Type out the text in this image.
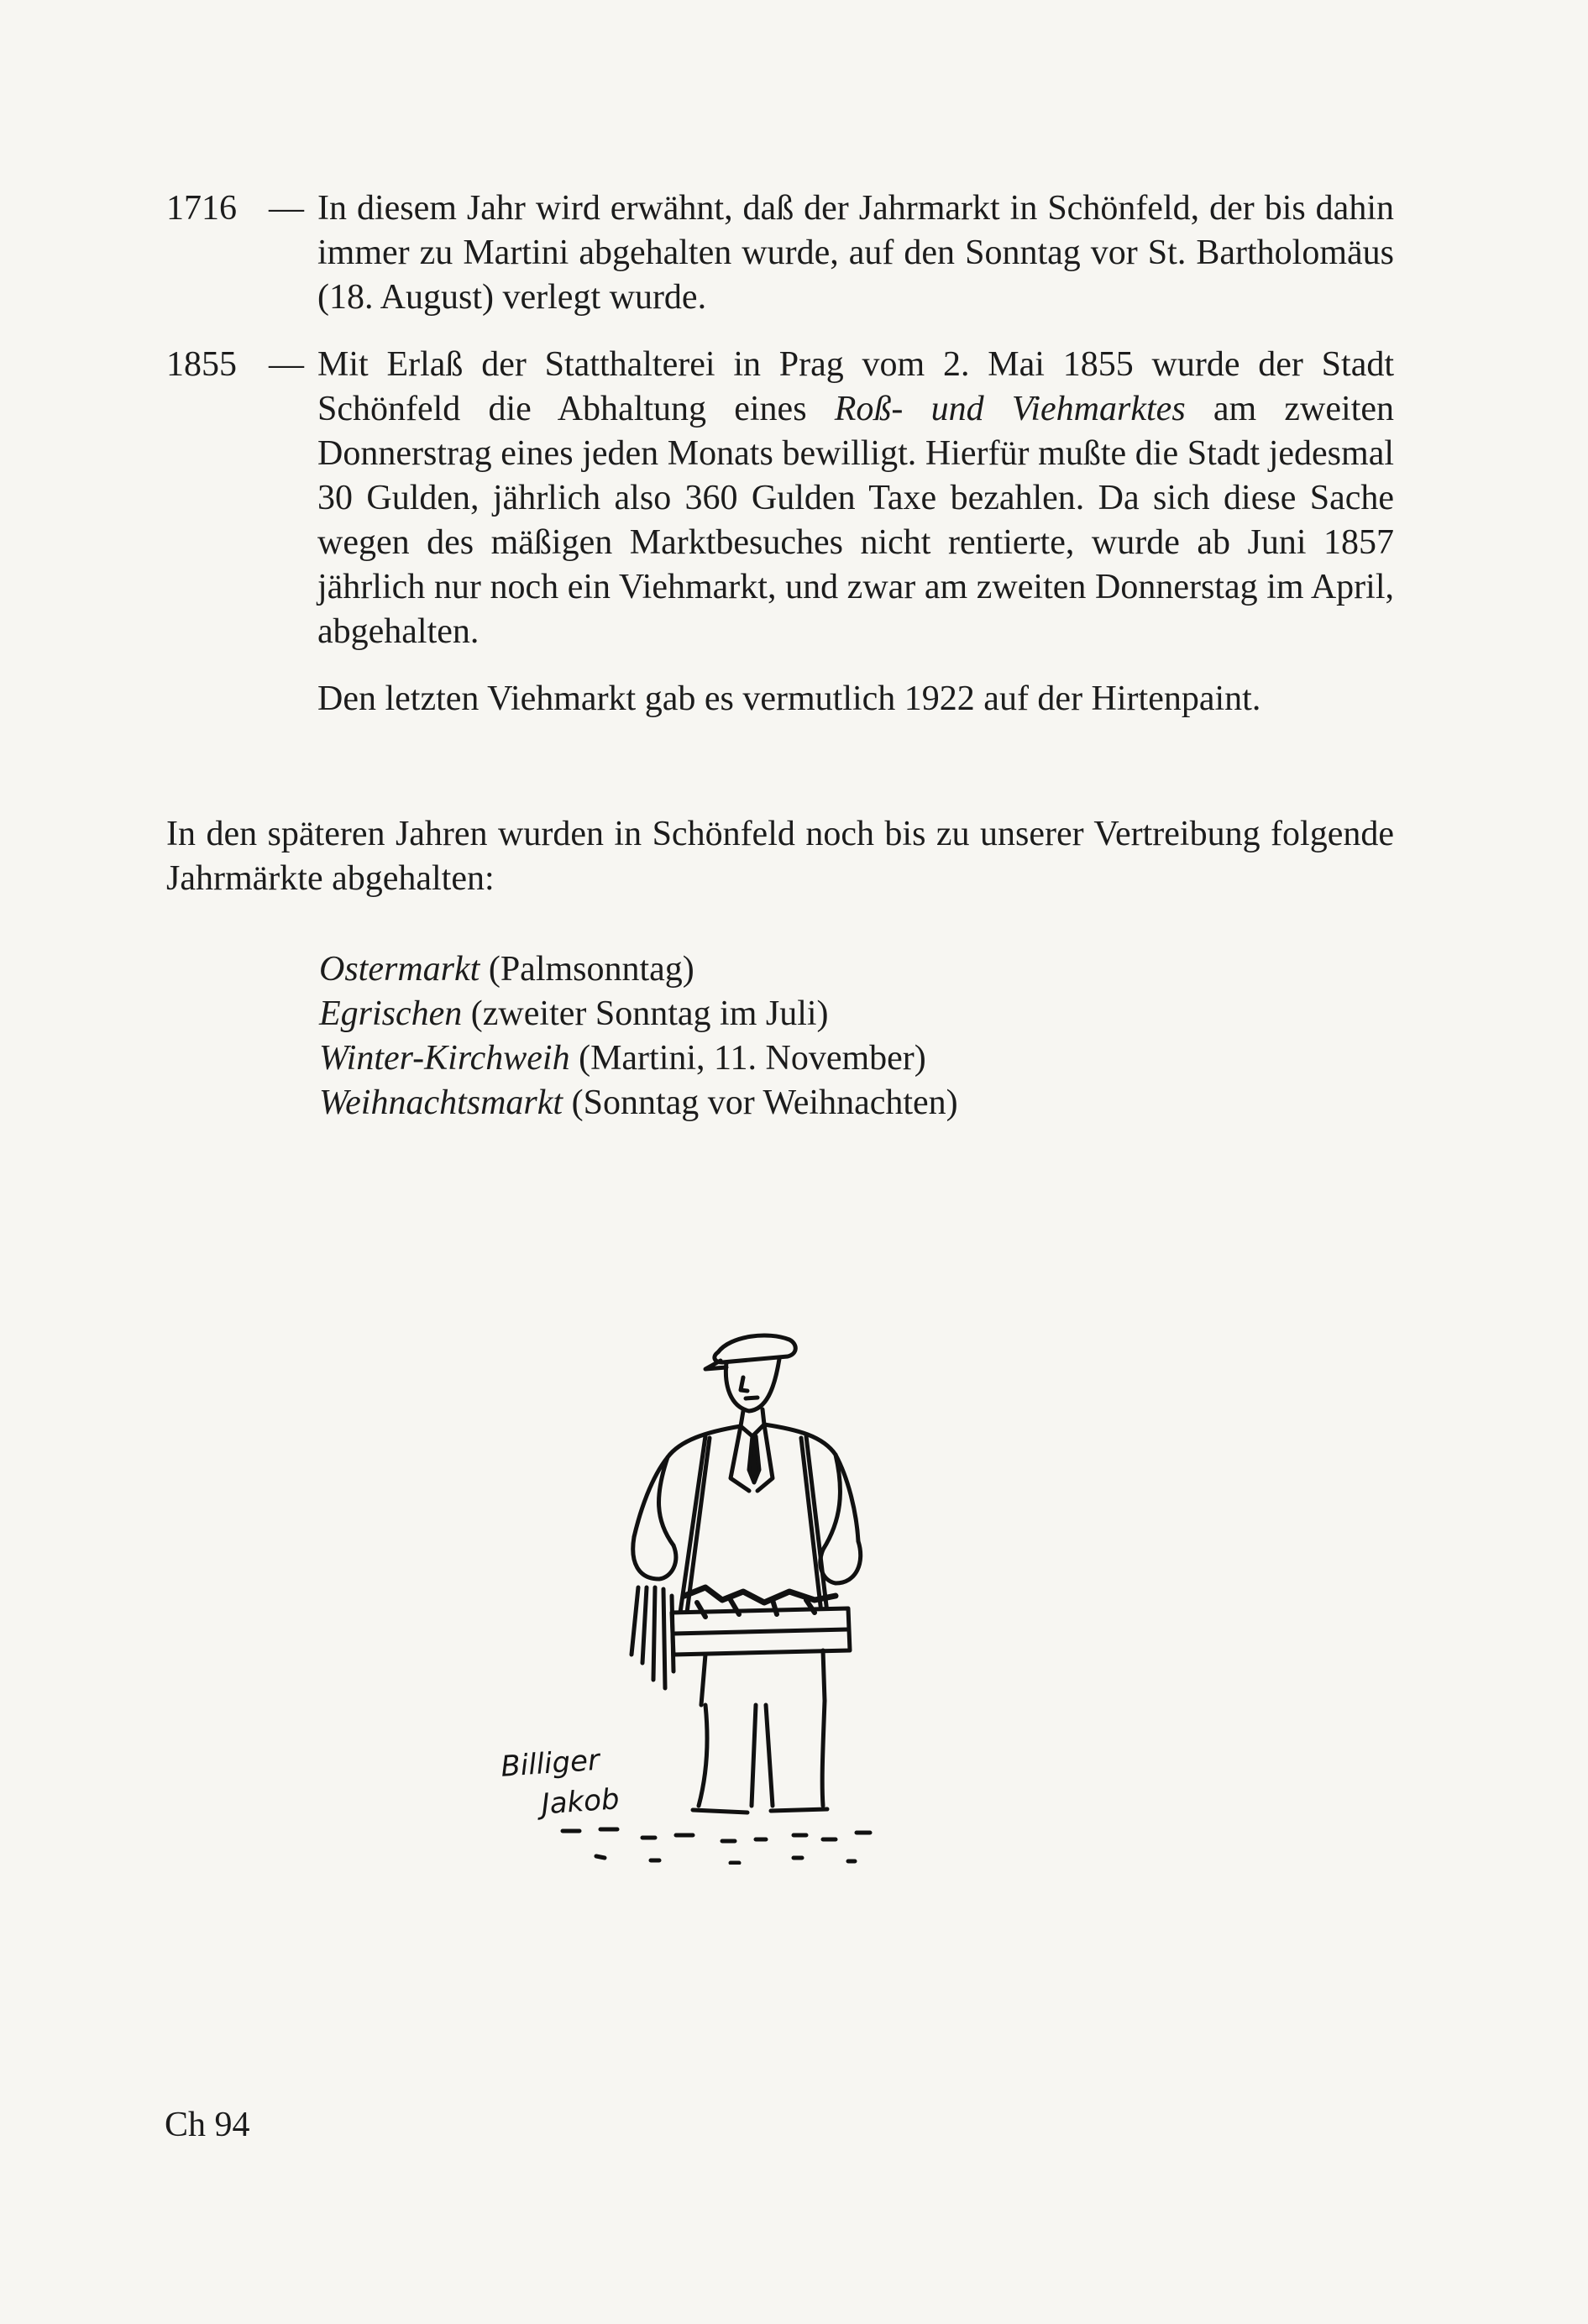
1716 — In diesem Jahr wird erwähnt, daß der Jahrmarkt in Schönfeld, der bis dahin immer zu Martini abgehalten wurde, auf den Sonntag vor St. Bartholomäus (18. August) verlegt wurde.
1855 — Mit Erlaß der Statthalterei in Prag vom 2. Mai 1855 wurde der Stadt Schönfeld die Abhaltung eines Roß- und Viehmarktes am zweiten Donnerstrag eines jeden Monats bewilligt. Hierfür mußte die Stadt jedesmal 30 Gulden, jährlich also 360 Gulden Taxe bezahlen. Da sich diese Sache wegen des mäßigen Marktbesuches nicht rentierte, wurde ab Juni 1857 jährlich nur noch ein Viehmarkt, und zwar am zweiten Donnerstag im April, abgehalten.
Den letzten Viehmarkt gab es vermutlich 1922 auf der Hirtenpaint.
In den späteren Jahren wurden in Schönfeld noch bis zu unserer Vertreibung folgende Jahrmärkte abgehalten:
Ostermarkt (Palmsonntag)
Egrischen (zweiter Sonntag im Juli)
Winter-Kirchweih (Martini, 11. November)
Weihnachtsmarkt (Sonntag vor Weihnachten)
Billiger
Jakob
Ch 94
